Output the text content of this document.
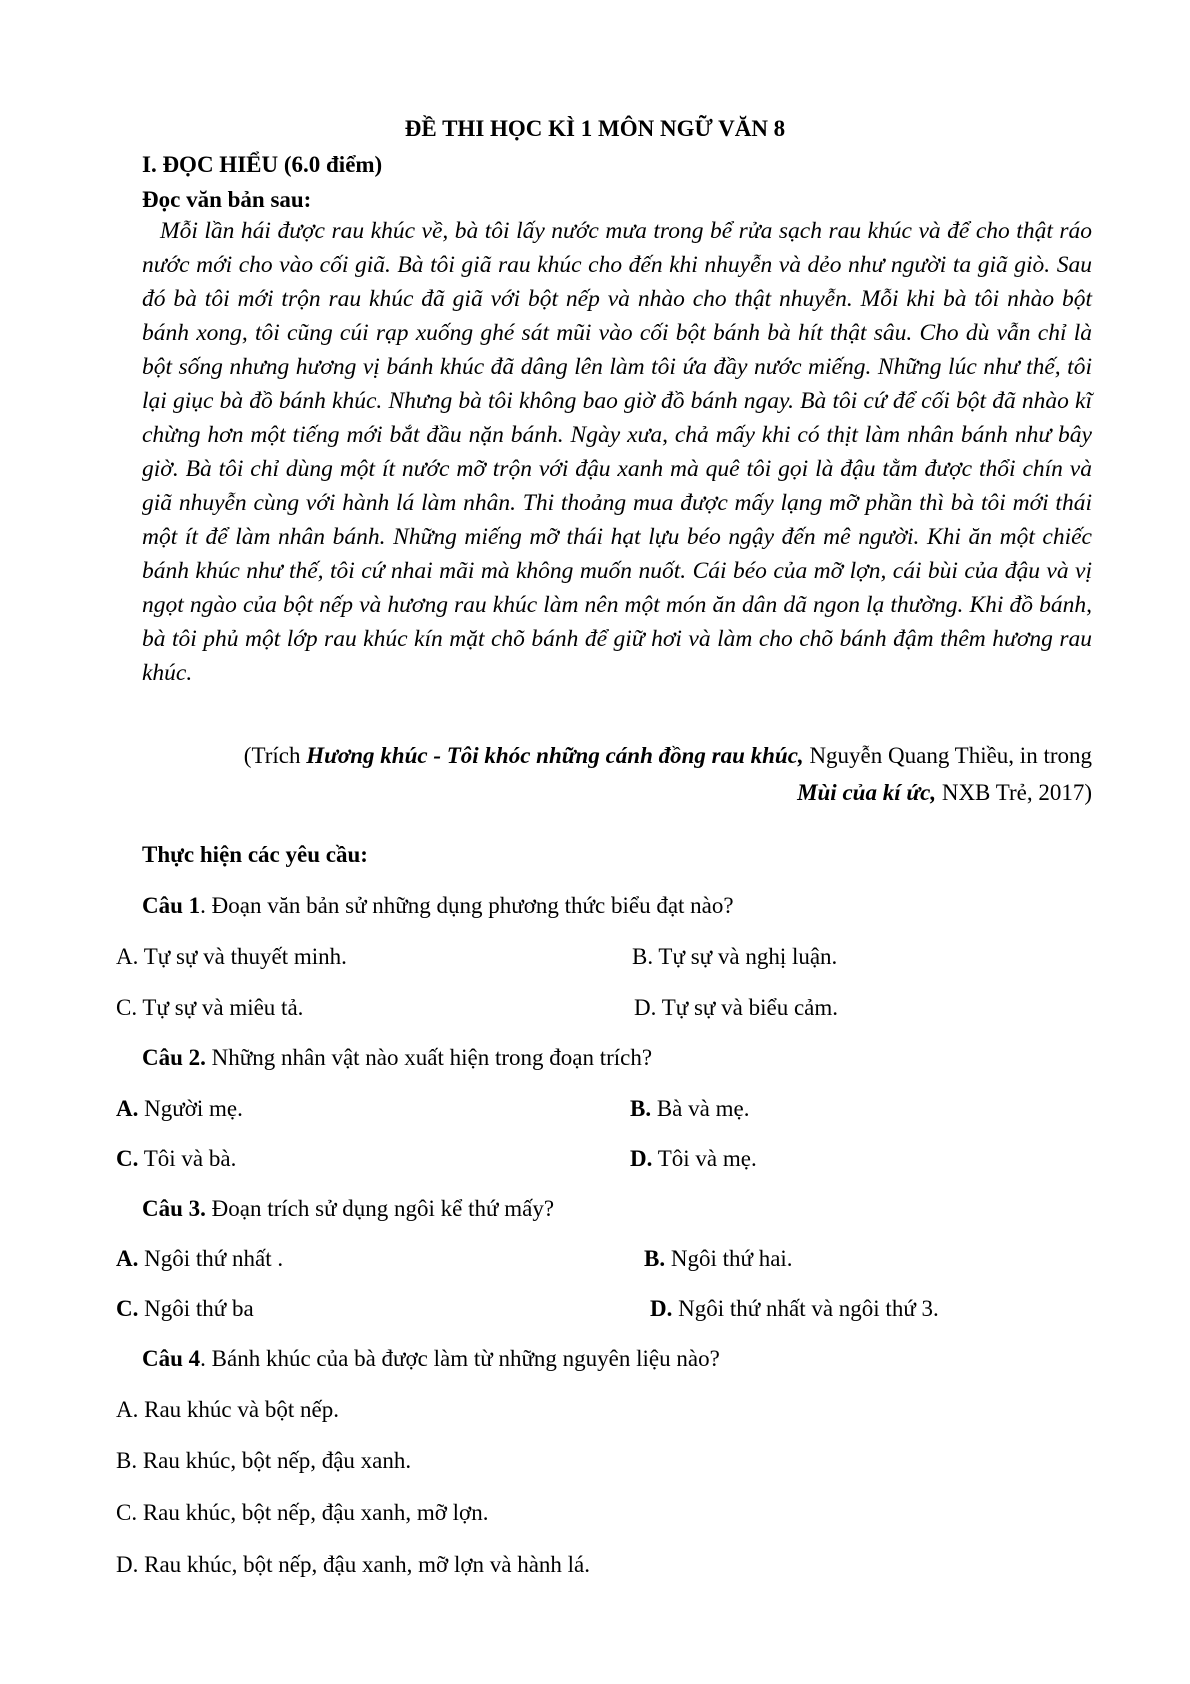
ĐỀ THI HỌC KÌ 1 MÔN NGỮ VĂN 8
I. ĐỌC HIỂU (6.0 điểm)
Đọc văn bản sau:

Mỗi lần hái được rau khúc về, bà tôi lấy nước mưa trong bể rửa sạch rau khúc và để cho thật ráo nước mới cho vào cối giã. Bà tôi giã rau khúc cho đến khi nhuyễn và dẻo như người ta giã giò. Sau đó bà tôi mới trộn rau khúc đã giã với bột nếp và nhào cho thật nhuyễn. Mỗi khi bà tôi nhào bột bánh xong, tôi cũng cúi rạp xuống ghé sát mũi vào cối bột bánh bà hít thật sâu. Cho dù vẫn chỉ là bột sống nhưng hương vị bánh khúc đã dâng lên làm tôi ứa đầy nước miếng. Những lúc như thế, tôi lại giục bà đồ bánh khúc. Nhưng bà tôi không bao giờ đồ bánh ngay. Bà tôi cứ để cối bột đã nhào kĩ chừng hơn một tiếng mới bắt đầu nặn bánh. Ngày xưa, chả mấy khi có thịt làm nhân bánh như bây giờ. Bà tôi chỉ dùng một ít nước mỡ trộn với đậu xanh mà quê tôi gọi là đậu tằm được thổi chín và giã nhuyễn cùng với hành lá làm nhân. Thi thoảng mua được mấy lạng mỡ phần thì bà tôi mới thái một ít để làm nhân bánh. Những miếng mỡ thái hạt lựu béo ngậy đến mê người. Khi ăn một chiếc bánh khúc như thế, tôi cứ nhai mãi mà không muốn nuốt. Cái béo của mỡ lợn, cái bùi của đậu và vị ngọt ngào của bột nếp và hương rau khúc làm nên một món ăn dân dã ngon lạ thường. Khi đồ bánh, bà tôi phủ một lớp rau khúc kín mặt chõ bánh để giữ hơi và làm cho chõ bánh đậm thêm hương rau khúc.

(Trích Hương khúc - Tôi khóc những cánh đồng rau khúc, Nguyễn Quang Thiều, in trong
Mùi của kí ức, NXB Trẻ, 2017)
Thực hiện các yêu cầu:
Câu 1. Đoạn văn bản sử những dụng phương thức biểu đạt nào?
A. Tự sự và thuyết minh.	B. Tự sự và nghị luận.
C. Tự sự và miêu tả.	D. Tự sự và biểu cảm.
Câu 2. Những nhân vật nào xuất hiện trong đoạn trích?
A. Người mẹ.	B. Bà và mẹ.
C. Tôi và bà.	D. Tôi và mẹ.
Câu 3. Đoạn trích sử dụng ngôi kể thứ mấy?
A. Ngôi thứ nhất .	B. Ngôi thứ hai.
C. Ngôi thứ ba	D. Ngôi thứ nhất và ngôi thứ 3.
Câu 4. Bánh khúc của bà được làm từ những nguyên liệu nào?
A. Rau khúc và bột nếp.
B. Rau khúc, bột nếp, đậu xanh.
C. Rau khúc, bột nếp, đậu xanh, mỡ lợn.
D. Rau khúc, bột nếp, đậu xanh, mỡ lợn và hành lá.
